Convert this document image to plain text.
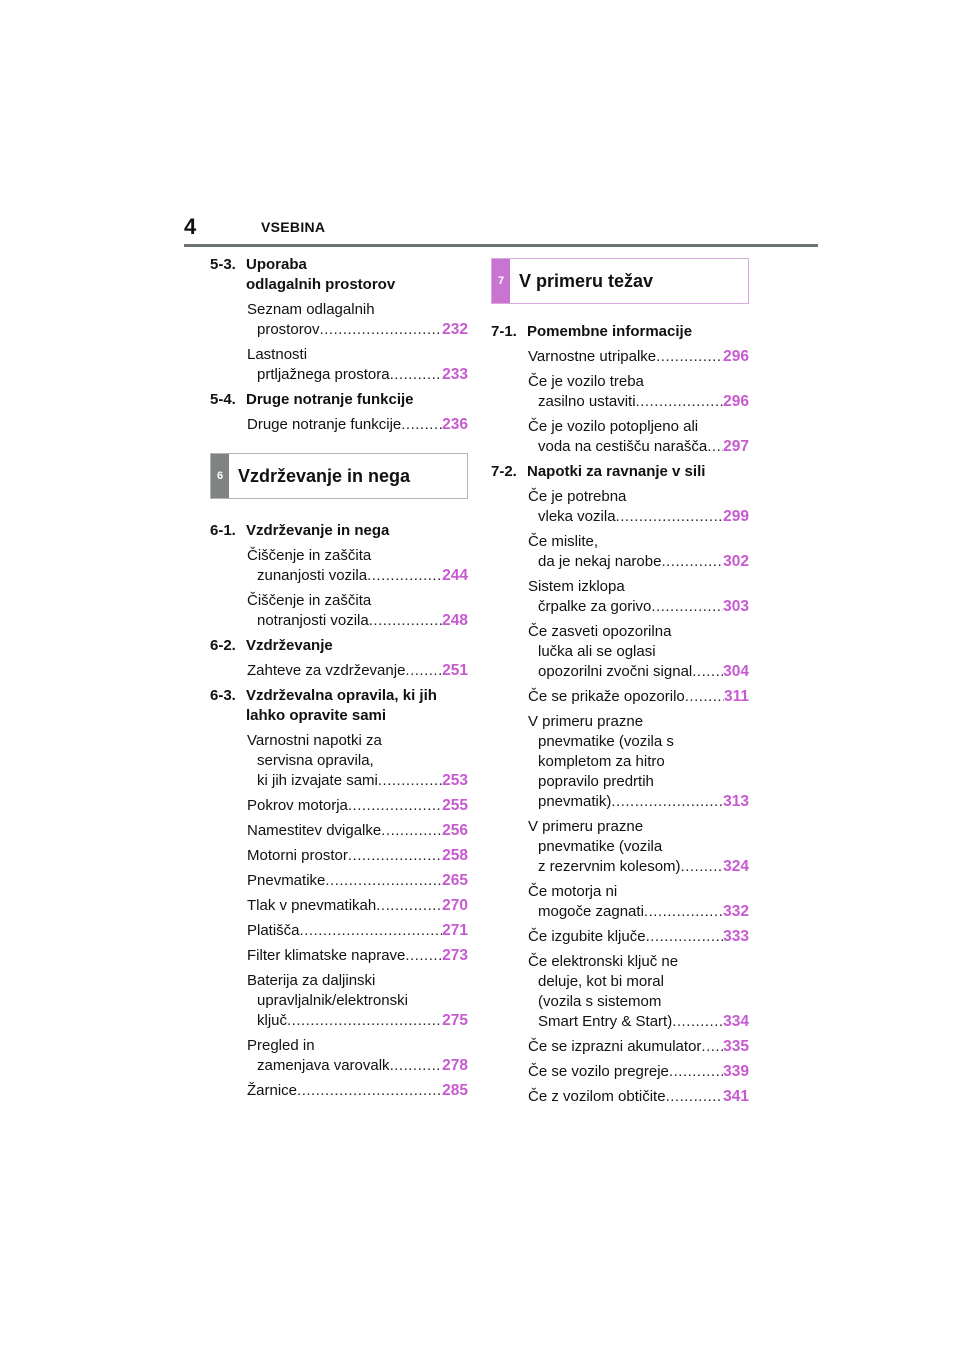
4	VSEBINA
5-3. Uporaba
odlagalnih prostorov
Seznam odlagalnih
prostorov .....	232
Lastnosti
prtljažnega prostora .....	233
5-4. Druge notranje funkcije
Druge notranje funkcije .....	236
6 Vzdrževanje in nega
6-1. Vzdrževanje in nega
Čiščenje in zaščita
zunanjosti vozila .....	244
Čiščenje in zaščita
notranjosti vozila .....	248
6-2. Vzdrževanje
Zahteve za vzdrževanje ..... 251
6-3. Vzdrževalna opravila, ki jih
lahko opravite sami
Varnostni napotki za
servisna opravila,
ki jih izvajate sami .....	253
Pokrov motorja .....	255
Namestitev dvigalke .....	256
Motorni prostor .....	258
Pnevmatike .....	265
Tlak v pnevmatikah .....	270
Platišča .....	271
Filter klimatske naprave ..... 273
Baterija za daljinski
upravljalnik/elektronski
ključ .....	275
Pregled in
zamenjava varovalk .....	278
Žarnice .....	285
7 V primeru težav
7-1. Pomembne informacije
Varnostne utripalke .....	296
Če je vozilo treba
zasilno ustaviti .....	296
Če je vozilo potopljeno ali
voda na cestišču narašča ..... 297
7-2. Napotki za ravnanje v sili
Če je potrebna
vleka vozila .....	299
Če mislite,
da je nekaj narobe .....	302
Sistem izklopa
črpalke za gorivo .....	303
Če zasveti opozorilna
lučka ali se oglasi
opozorilni zvočni signal ..... 304
Če se prikaže opozorilo .....	311
V primeru prazne
pnevmatike (vozila s
kompletom za hitro
popravilo predrtih
pnevmatik) .....	313
V primeru prazne
pnevmatike (vozila
z rezervnim kolesom) .....	324
Če motorja ni
mogoče zagnati .....	332
Če izgubite ključe .....	333
Če elektronski ključ ne
deluje, kot bi moral
(vozila s sistemom
Smart Entry & Start) .....	334
Če se izprazni akumulator ..... 335
Če se vozilo pregreje .....	339
Če z vozilom obtičite .....	341
